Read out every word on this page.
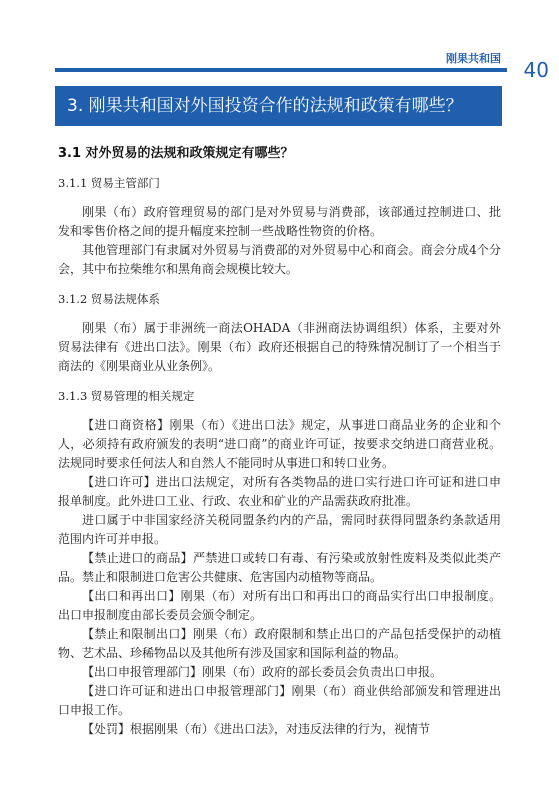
刚果共和国 40
3. 刚果共和国对外国投资合作的法规和政策有哪些？
3.1 对外贸易的法规和政策规定有哪些？
3.1.1 贸易主管部门

刚果（布）政府管理贸易的部门是对外贸易与消费部，该部通过控制进口、批发和零售价格之间的提升幅度来控制一些战略性物资的价格。

其他管理部门有隶属对外贸易与消费部的对外贸易中心和商会。商会分成4个分会，其中布拉柴维尔和黑角商会规模比较大。

3.1.2 贸易法规体系

刚果（布）属于非洲统一商法OHADA（非洲商法协调组织）体系，主要对外贸易法律有《进出口法》。刚果（布）政府还根据自己的特殊情况制订了一个相当于商法的《刚果商业从业条例》。

3.1.3 贸易管理的相关规定

【进口商资格】刚果（布）《进出口法》规定，从事进口商品业务的企业和个人，必须持有政府颁发的表明“进口商”的商业许可证，按要求交纳进口商营业税。法规同时要求任何法人和自然人不能同时从事进口和转口业务。

【进口许可】进出口法规定，对所有各类物品的进口实行进口许可证和进口申报单制度。此外进口工业、行政、农业和矿业的产品需获政府批准。

进口属于中非国家经济关税同盟条约内的产品，需同时获得同盟条约条款适用范围内许可并申报。

【禁止进口的商品】严禁进口或转口有毒、有污染或放射性废料及类似此类产品。禁止和限制进口危害公共健康、危害国内动植物等商品。

【出口和再出口】刚果（布）对所有出口和再出口的商品实行出口申报制度。出口申报制度由部长委员会颁令制定。

【禁止和限制出口】刚果（布）政府限制和禁止出口的产品包括受保护的动植物、艺术品、珍稀物品以及其他所有涉及国家和国际利益的物品。

【出口申报管理部门】刚果（布）政府的部长委员会负责出口申报。

【进口许可证和进出口申报管理部门】刚果（布）商业供给部颁发和管理进出口申报工作。

【处罚】根据刚果（布）《进出口法》，对违反法律的行为，视情节
